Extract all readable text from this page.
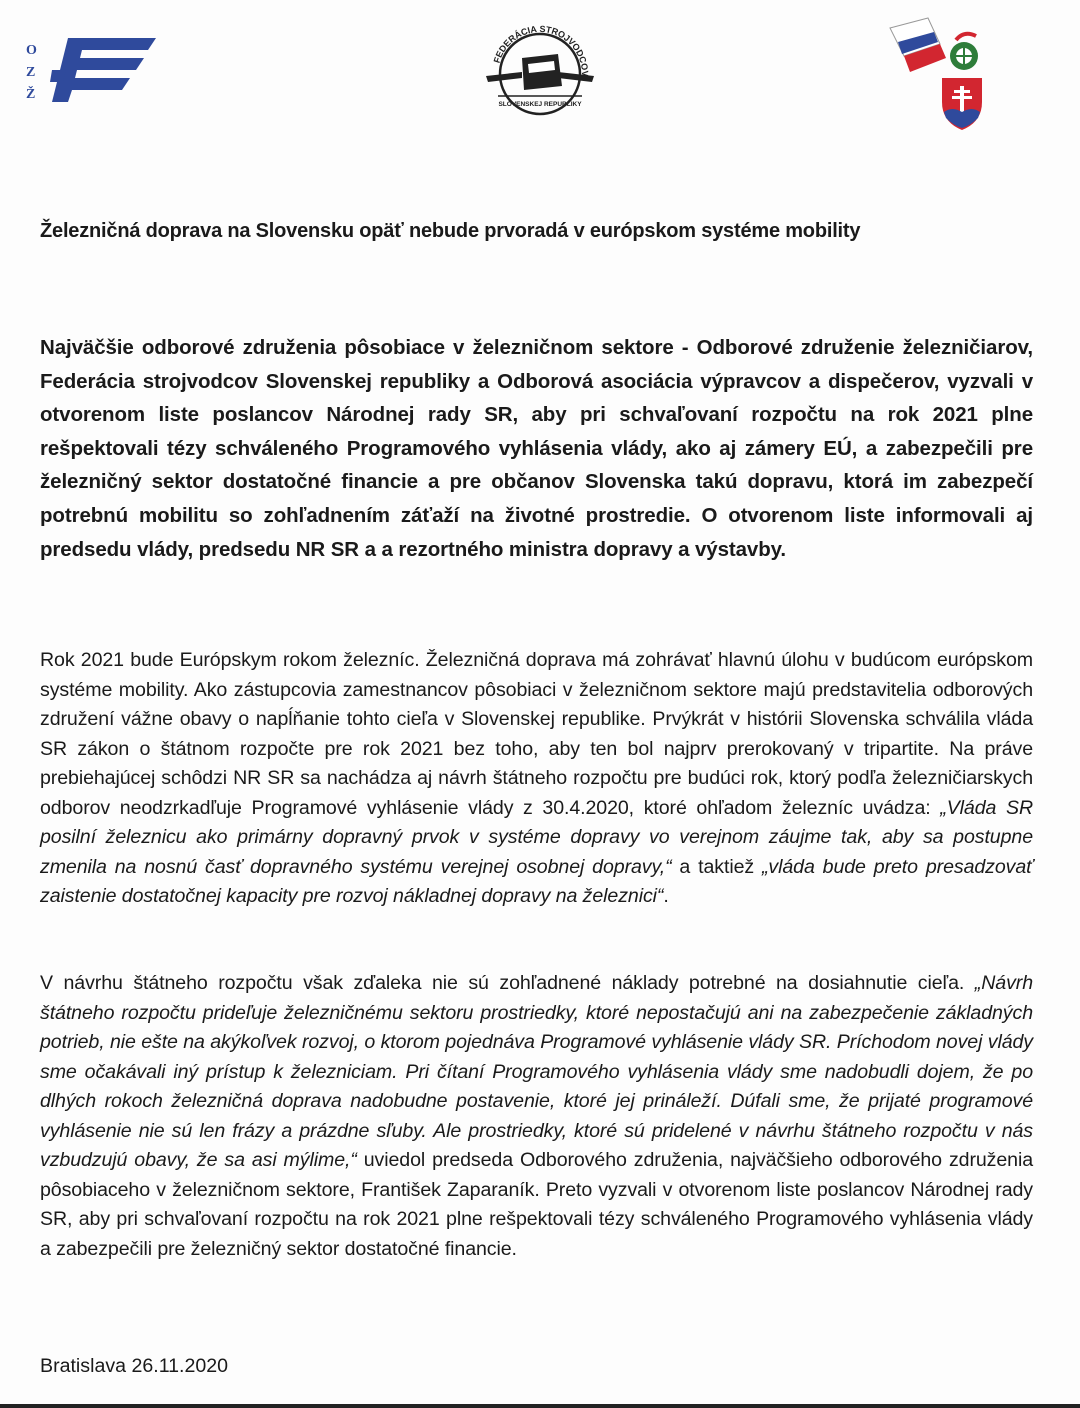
O
Z
Ž
FEDERÁCIA STROJVODCOV
SLOVENSKEJ REPUBLIKY
Železničná doprava na Slovensku opäť nebude prvoradá v európskom systéme mobility
Najväčšie odborové združenia pôsobiace v železničnom sektore - Odborové združenie železničiarov, Federácia strojvodcov Slovenskej republiky a Odborová asociácia výpravcov a dispečerov, vyzvali v otvorenom liste poslancov Národnej rady SR, aby pri schvaľovaní rozpočtu na rok 2021 plne rešpektovali tézy schváleného Programového vyhlásenia vlády, ako aj zámery EÚ, a zabezpečili pre železničný sektor dostatočné financie a pre občanov Slovenska takú dopravu, ktorá im zabezpečí potrebnú mobilitu so zohľadnením záťaží na životné prostredie. O otvorenom liste informovali aj predsedu vlády, predsedu NR SR a a rezortného ministra dopravy a výstavby.
Rok 2021 bude Európskym rokom železníc. Železničná doprava má zohrávať hlavnú úlohu v budúcom európskom systéme mobility. Ako zástupcovia zamestnancov pôsobiaci v železničnom sektore majú predstavitelia odborových združení vážne obavy o napĺňanie tohto cieľa v Slovenskej republike. Prvýkrát v histórii Slovenska schválila vláda SR zákon o štátnom rozpočte pre rok 2021 bez toho, aby ten bol najprv prerokovaný v tripartite. Na práve prebiehajúcej schôdzi NR SR sa nachádza aj návrh štátneho rozpočtu pre budúci rok, ktorý podľa železničiarskych odborov neodzrkadľuje Programové vyhlásenie vlády z 30.4.2020, ktoré ohľadom železníc uvádza: „Vláda SR posilní železnicu ako primárny dopravný prvok v systéme dopravy vo verejnom záujme tak, aby sa postupne zmenila na nosnú časť dopravného systému verejnej osobnej dopravy,“ a taktiež „vláda bude preto presadzovať zaistenie dostatočnej kapacity pre rozvoj nákladnej dopravy na železnici“.
V návrhu štátneho rozpočtu však zďaleka nie sú zohľadnené náklady potrebné na dosiahnutie cieľa. „Návrh štátneho rozpočtu prideľuje železničnému sektoru prostriedky, ktoré nepostačujú ani na zabezpečenie základných potrieb, nie ešte na akýkoľvek rozvoj, o ktorom pojednáva Programové vyhlásenie vlády SR. Príchodom novej vlády sme očakávali iný prístup k železniciam. Pri čítaní Programového vyhlásenia vlády sme nadobudli dojem, že po dlhých rokoch železničná doprava nadobudne postavenie, ktoré jej prináleží. Dúfali sme, že prijaté programové vyhlásenie nie sú len frázy a prázdne sľuby. Ale prostriedky, ktoré sú pridelené v návrhu štátneho rozpočtu v nás vzbudzujú obavy, že sa asi mýlime,“ uviedol predseda Odborového združenia, najväčšieho odborového združenia pôsobiaceho v železničnom sektore, František Zaparaník. Preto vyzvali v otvorenom liste poslancov Národnej rady SR, aby pri schvaľovaní rozpočtu na rok 2021 plne rešpektovali tézy schváleného Programového vyhlásenia vlády a zabezpečili pre železničný sektor dostatočné financie.
Bratislava 26.11.2020
